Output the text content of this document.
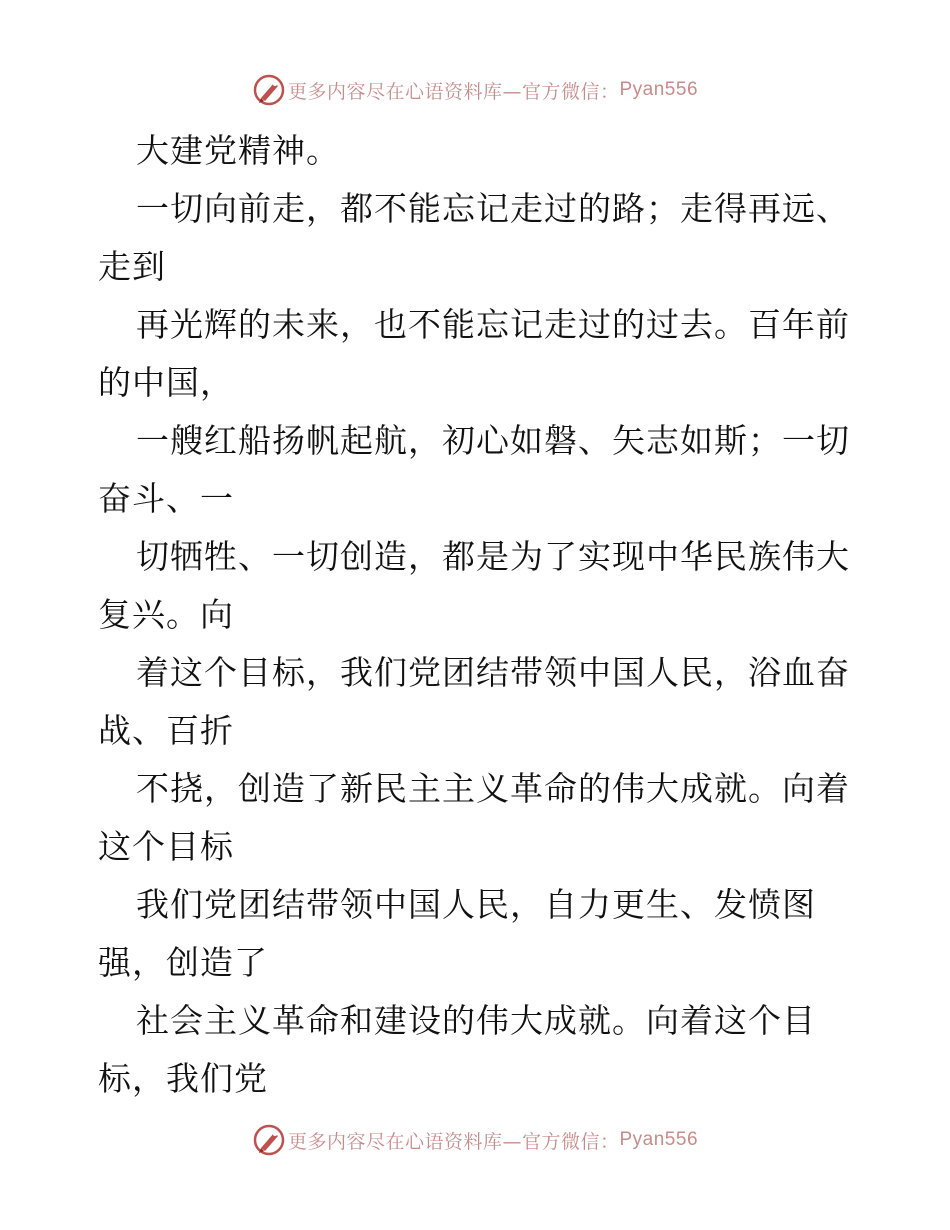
更多内容尽在心语资料库—官方微信： Pyan556
大建党精神。
一切向前走，都不能忘记走过的路；走得再远、
走到
再光辉的未来，也不能忘记走过的过去。百年前
的中国，
一艘红船扬帆起航，初心如磐、矢志如斯；一切
奋斗、一
切牺牲、一切创造，都是为了实现中华民族伟大
复兴。向
着这个目标，我们党团结带领中国人民，浴血奋
战、百折
不挠，创造了新民主主义革命的伟大成就。向着
这个目标
我们党团结带领中国人民，自力更生、发愤图
强，创造了
社会主义革命和建设的伟大成就。向着这个目
标，我们党
更多内容尽在心语资料库—官方微信： Pyan556
